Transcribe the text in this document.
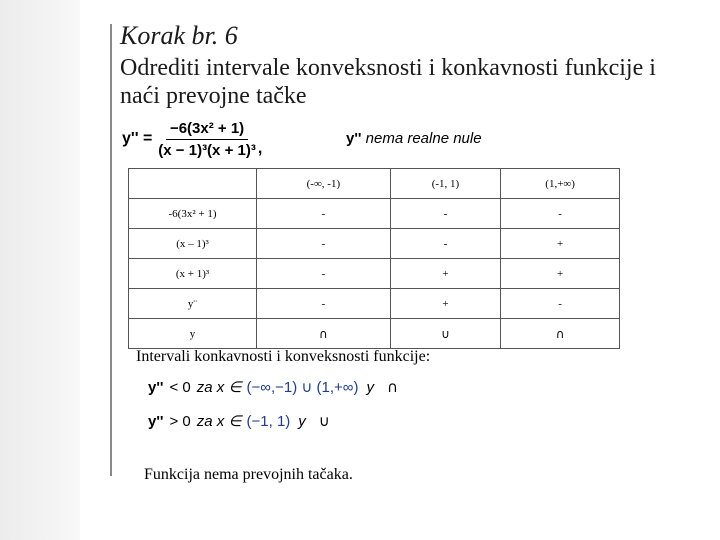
Korak br. 6
Odrediti intervale konveksnosti i konkavnosti funkcije i naći prevojne tačke
$y'' = \frac{\text{−6(3x² + 1)}}{\text{(x − 1)³(x + 1)³}}$ ,
y'' nema realne nule
	(-∞, -1)	(-1, 1)	(1,+∞)
-6(3x² + 1)	-	-	-
(x – 1)³	-	-	+
(x + 1)³	-	+	+
y¨	-	+	-
y	∩	∪	∩
Intervali konkavnosti i konveksnosti funkcije:
y'' < 0 za x ∈ (−∞,−1) ∪ (1,+∞) y ∩
y'' > 0 za x ∈ (−1, 1) y ∪
Funkcija nema prevojnih tačaka.
